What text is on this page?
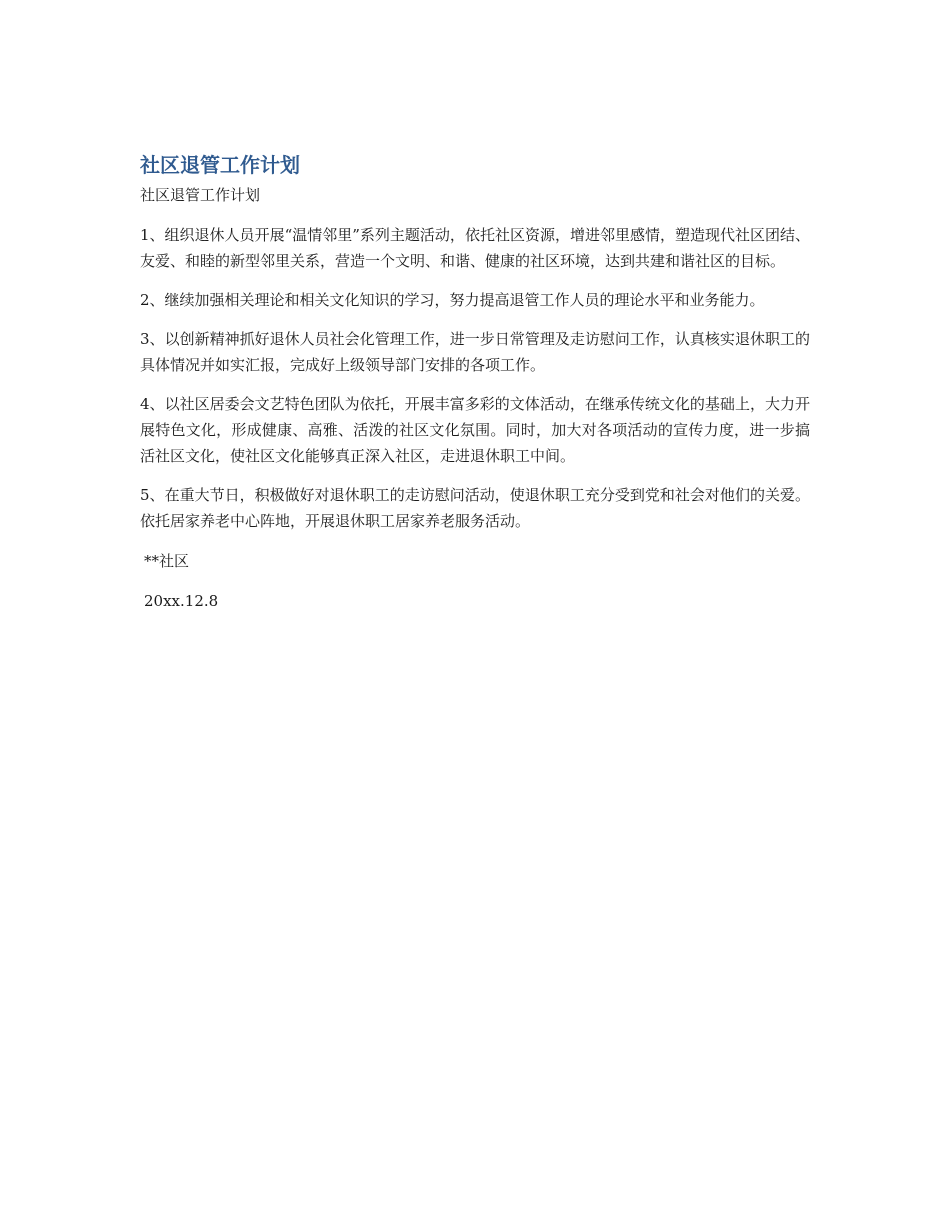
社区退管工作计划

社区退管工作计划

1、组织退休人员开展“温情邻里”系列主题活动，依托社区资源，增进邻里感情，塑造现代社区团结、友爱、和睦的新型邻里关系，营造一个文明、和谐、健康的社区环境，达到共建和谐社区的目标。

2、继续加强相关理论和相关文化知识的学习，努力提高退管工作人员的理论水平和业务能力。

3、以创新精神抓好退休人员社会化管理工作，进一步日常管理及走访慰问工作，认真核实退休职工的具体情况并如实汇报，完成好上级领导部门安排的各项工作。

4、以社区居委会文艺特色团队为依托，开展丰富多彩的文体活动，在继承传统文化的基础上，大力开展特色文化，形成健康、高雅、活泼的社区文化氛围。同时，加大对各项活动的宣传力度，进一步搞活社区文化，使社区文化能够真正深入社区，走进退休职工中间。

5、在重大节日，积极做好对退休职工的走访慰问活动，使退休职工充分受到党和社会对他们的关爱。依托居家养老中心阵地，开展退休职工居家养老服务活动。

**社区

20xx.12.8
